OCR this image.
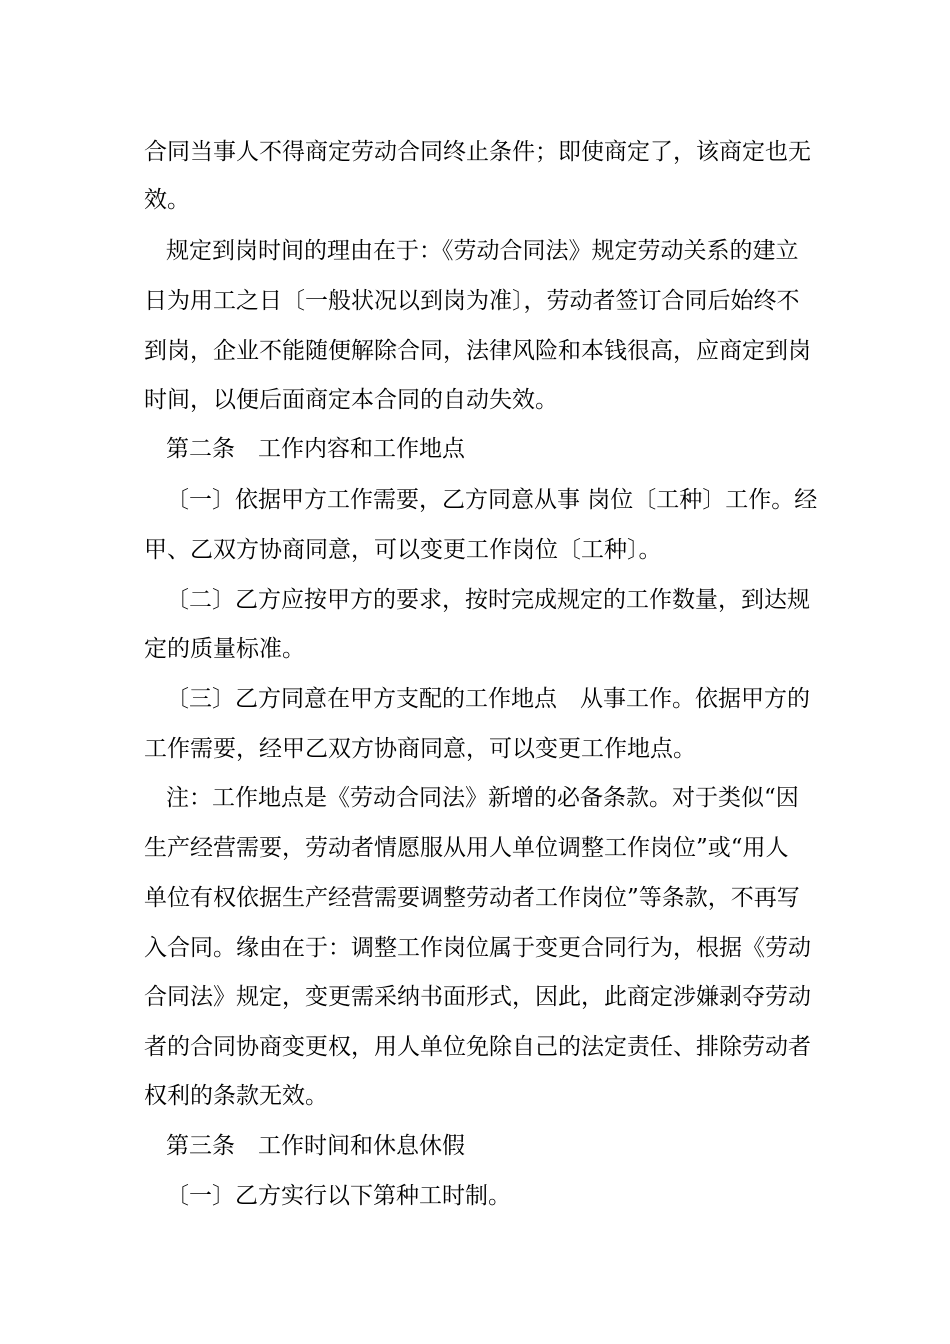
合同当事人不得商定劳动合同终止条件；即使商定了，该商定也无
效。
规定到岗时间的理由在于：《劳动合同法》规定劳动关系的建立
日为用工之日〔一般状况以到岗为准〕，劳动者签订合同后始终不
到岗，企业不能随便解除合同，法律风险和本钱很高，应商定到岗
时间，以便后面商定本合同的自动失效。
第二条　工作内容和工作地点
〔一〕依据甲方工作需要，乙方同意从事 岗位〔工种〕工作。经
甲、乙双方协商同意，可以变更工作岗位〔工种〕。
〔二〕乙方应按甲方的要求，按时完成规定的工作数量，到达规
定的质量标准。
〔三〕乙方同意在甲方支配的工作地点　从事工作。依据甲方的
工作需要，经甲乙双方协商同意，可以变更工作地点。
注：工作地点是《劳动合同法》新增的必备条款。对于类似“因
生产经营需要，劳动者情愿服从用人单位调整工作岗位”或“用人
单位有权依据生产经营需要调整劳动者工作岗位”等条款，不再写
入合同。缘由在于：调整工作岗位属于变更合同行为，根据《劳动
合同法》规定，变更需采纳书面形式，因此，此商定涉嫌剥夺劳动
者的合同协商变更权，用人单位免除自己的法定责任、排除劳动者
权利的条款无效。
第三条　工作时间和休息休假
〔一〕乙方实行以下第种工时制。
